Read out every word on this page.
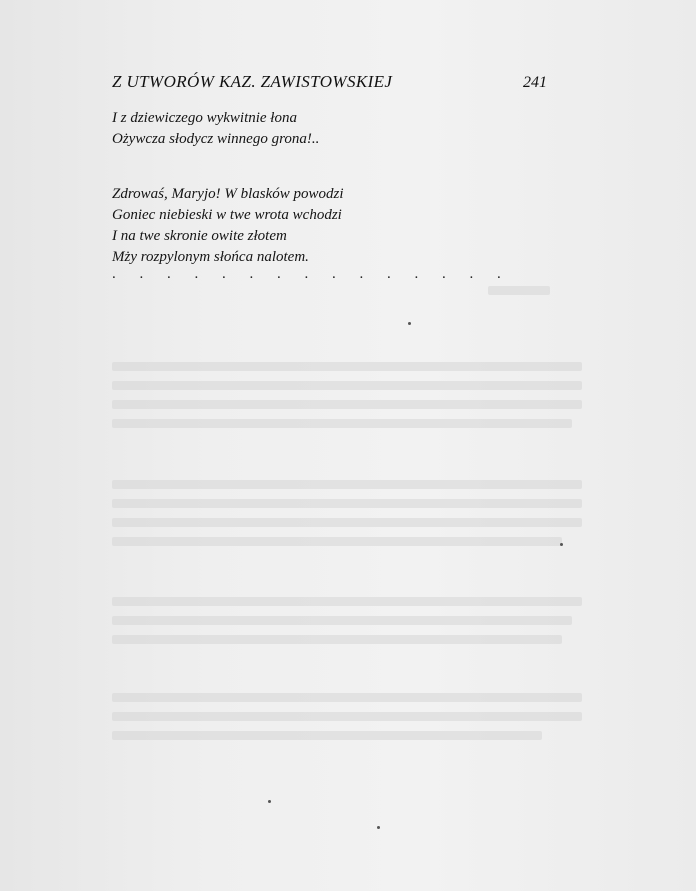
Z UTWORÓW KAZ. ZAWISTOWSKIEJ	241
I z dziewiczego wykwitnie łona
Ożywcza słodycz winnego grona!..
Zdrowaś, Maryjo! W blasków powodzi
Goniec niebieski w twe wrota wchodzi
I na twe skronie owite złotem
Mży rozpylonym słońca nalotem.
. . . . . . . . . . . . . . .
